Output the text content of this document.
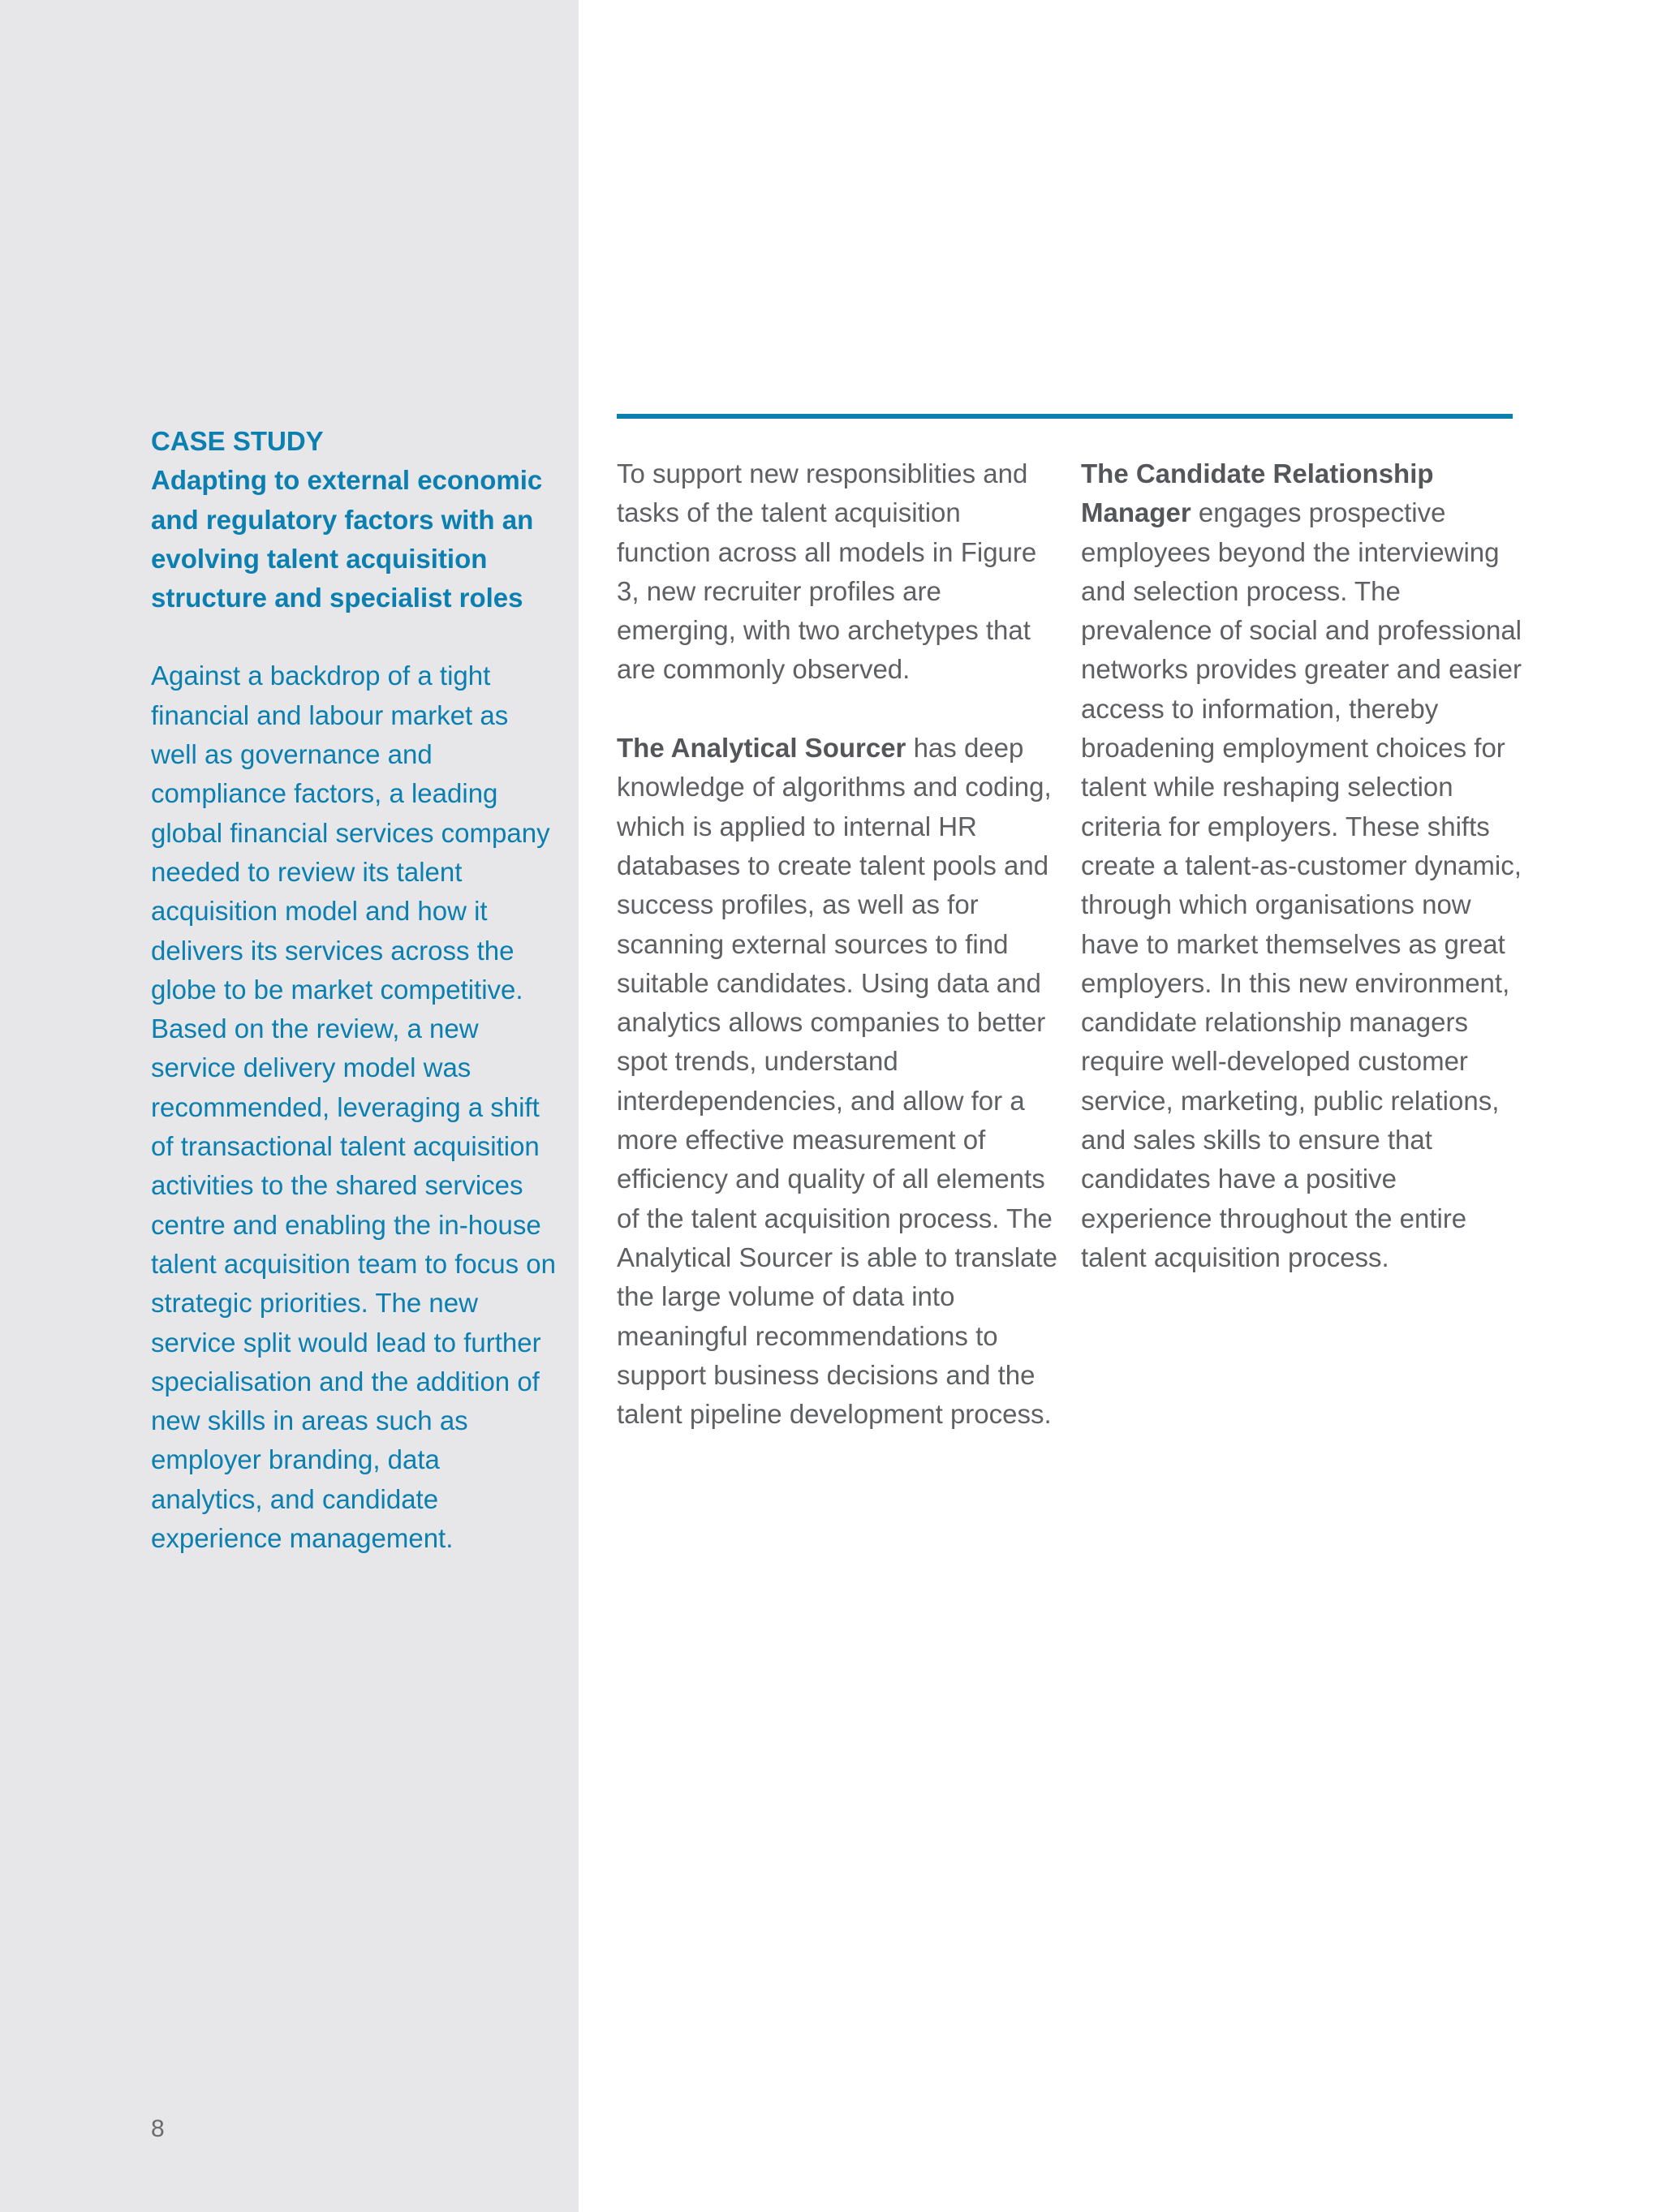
CASE STUDY

Adapting to external economic and regulatory factors with an evolving talent acquisition structure and specialist roles

Against a backdrop of a tight financial and labour market as well as governance and compliance factors, a leading global financial services company needed to review its talent acquisition model and how it delivers its services across the globe to be market competitive. Based on the review, a new service delivery model was recommended, leveraging a shift of transactional talent acquisition activities to the shared services centre and enabling the in-house talent acquisition team to focus on strategic priorities. The new service split would lead to further specialisation and the addition of new skills in areas such as employer branding, data analytics, and candidate experience management.

8

To support new responsiblities and tasks of the talent acquisition function across all models in Figure 3, new recruiter profiles are emerging, with two archetypes that are commonly observed.

The Analytical Sourcer has deep knowledge of algorithms and coding, which is applied to internal HR databases to create talent pools and success profiles, as well as for scanning external sources to find suitable candidates. Using data and analytics allows companies to better spot trends, understand interdependencies, and allow for a more effective measurement of efficiency and quality of all elements of the talent acquisition process. The Analytical Sourcer is able to translate the large volume of data into meaningful recommendations to support business decisions and the talent pipeline development process.

The Candidate Relationship Manager engages prospective employees beyond the interviewing and selection process. The prevalence of social and professional networks provides greater and easier access to information, thereby broadening employment choices for talent while reshaping selection criteria for employers. These shifts create a talent-as-customer dynamic, through which organisations now have to market themselves as great employers. In this new environment, candidate relationship managers require well-developed customer service, marketing, public relations, and sales skills to ensure that candidates have a positive experience throughout the entire talent acquisition process.
